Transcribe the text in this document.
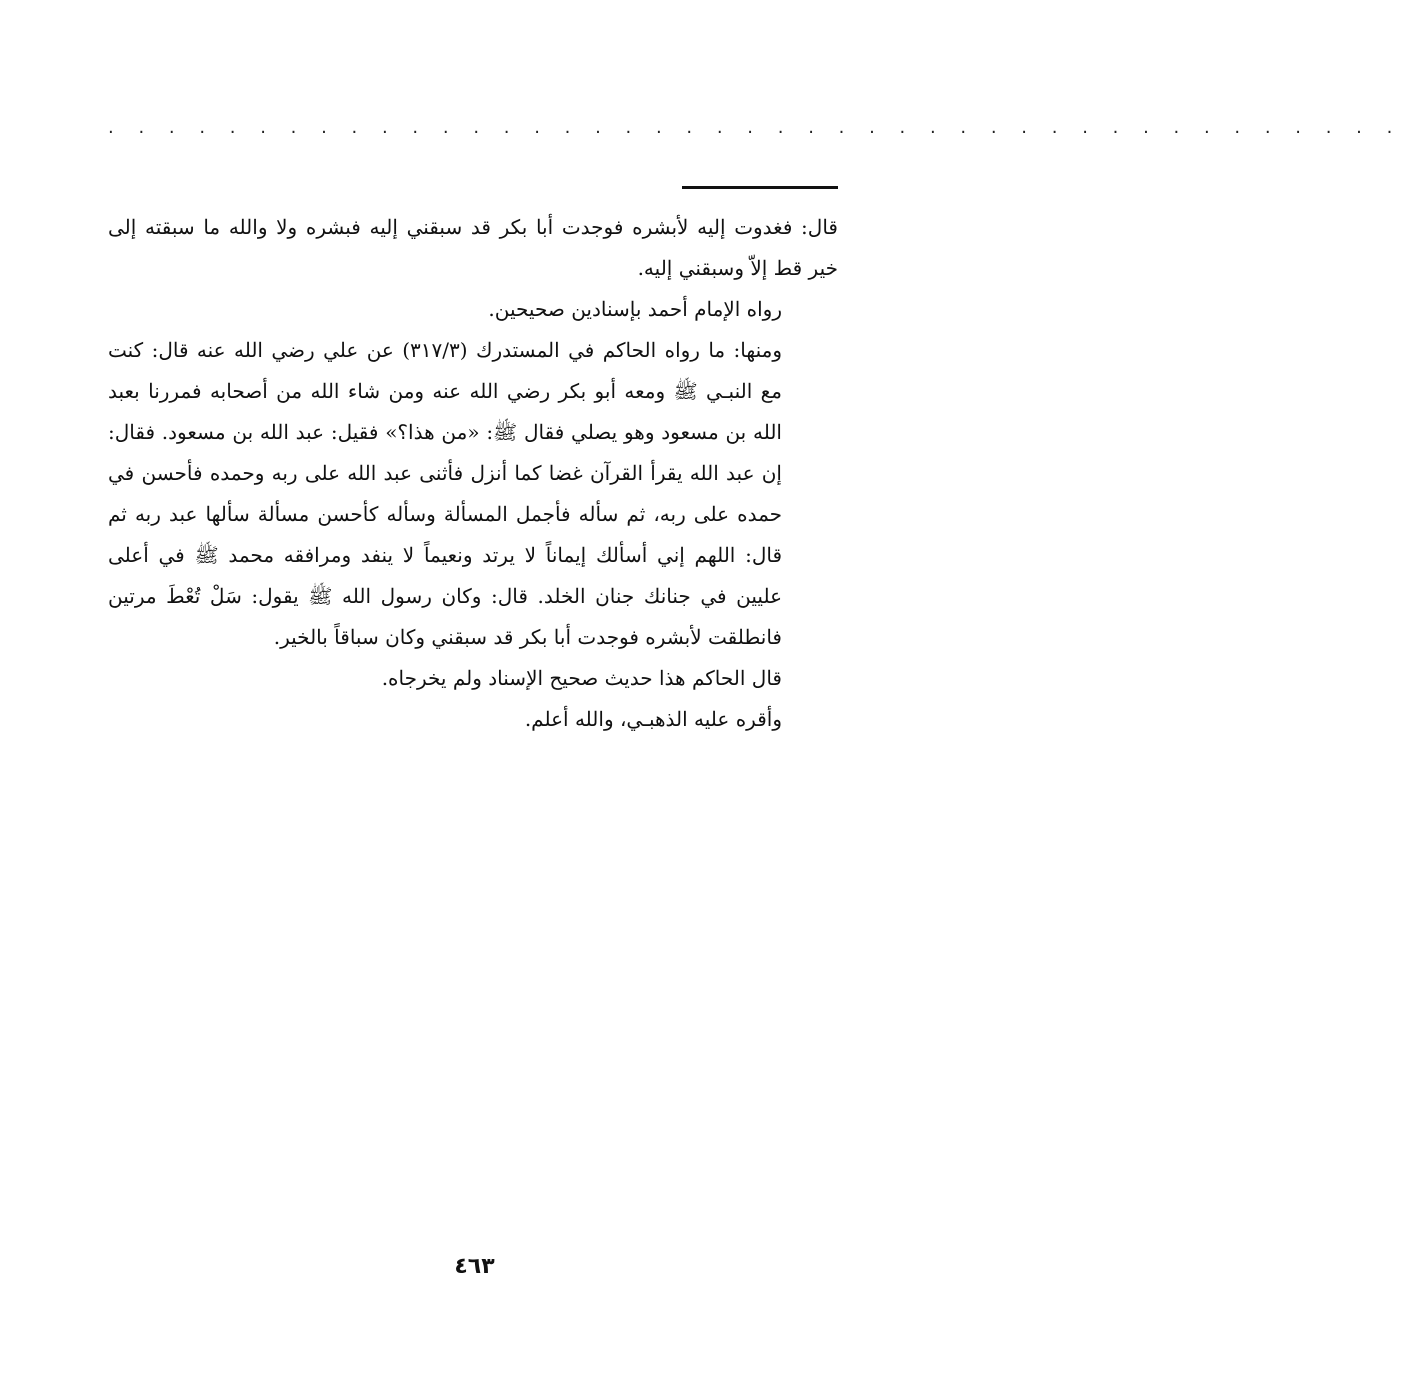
. . . . . . . . . . . . . . . . . . . . . . . . . . . . . . . . . . . . . . . . . . .

قال: فغدوت إليه لأبشره فوجدت أبا بكر قد سبقني إليه فبشره ولا والله ما سبقته إلى خير قط إلاّ وسبقني إليه.

رواه الإمام أحمد بإسنادين صحيحين.

ومنها: ما رواه الحاكم في المستدرك (٣١٧/٣) عن علي رضي الله عنه قال: كنت مع النبـي ﷺ ومعه أبو بكر رضي الله عنه ومن شاء الله من أصحابه فمررنا بعبد الله بن مسعود وهو يصلي فقال ﷺ: «من هذا؟» فقيل: عبد الله بن مسعود. فقال: إن عبد الله يقرأ القرآن غضا كما أنزل فأثنى عبد الله على ربه وحمده فأحسن في حمده على ربه، ثم سأله فأجمل المسألة وسأله كأحسن مسألة سألها عبد ربه ثم قال: اللهم إني أسألك إيماناً لا يرتد ونعيماً لا ينفد ومرافقه محمد ﷺ في أعلى عليين في جنانك جنان الخلد. قال: وكان رسول الله ﷺ يقول: سَلْ تُعْطَ مرتين فانطلقت لأبشره فوجدت أبا بكر قد سبقني وكان سباقاً بالخير.

قال الحاكم هذا حديث صحيح الإسناد ولم يخرجاه.

وأقره عليه الذهبـي، والله أعلم.

٤٦٣
